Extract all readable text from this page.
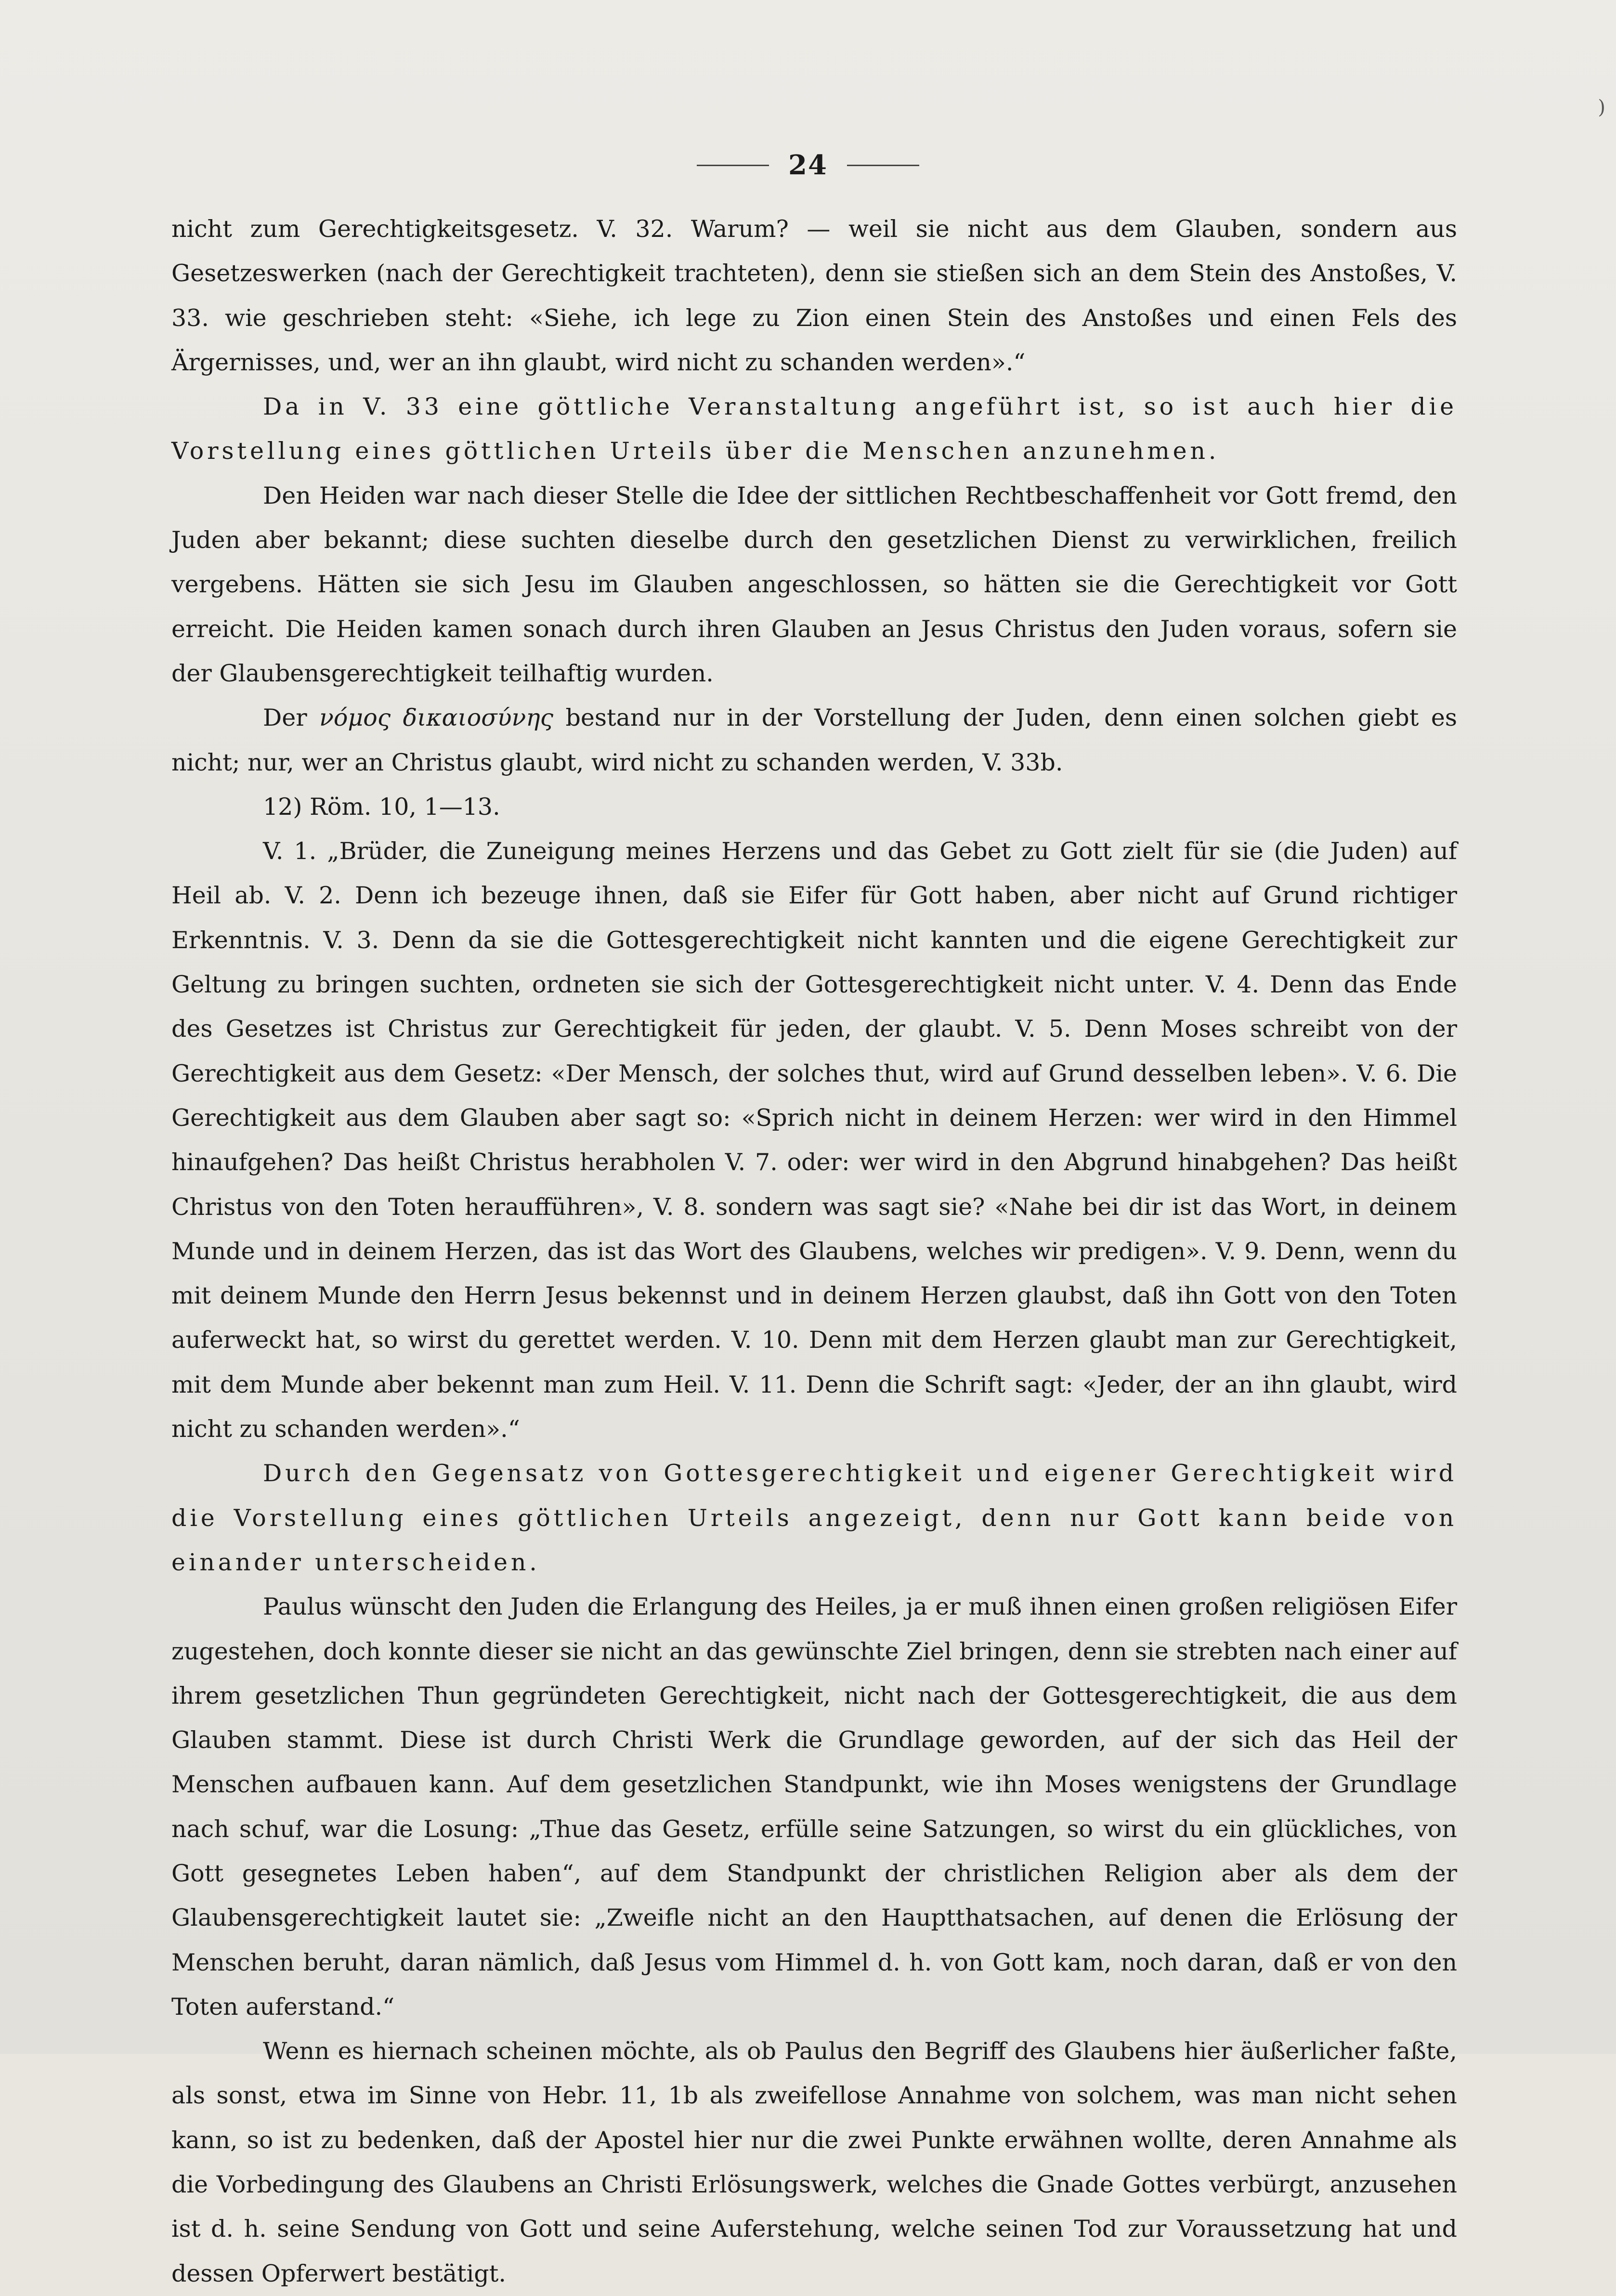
)
24

nicht zum Gerechtigkeitsgesetz. V. 32. Warum? — weil sie nicht aus dem Glauben, sondern aus Gesetzeswerken (nach der Gerechtigkeit trachteten), denn sie stießen sich an dem Stein des Anstoßes, V. 33. wie geschrieben steht: «Siehe, ich lege zu Zion einen Stein des Anstoßes und einen Fels des Ärgernisses, und, wer an ihn glaubt, wird nicht zu schanden werden».“

Da in V. 33 eine göttliche Veranstaltung angeführt ist, so ist auch hier die Vorstellung eines göttlichen Urteils über die Menschen anzunehmen.

Den Heiden war nach dieser Stelle die Idee der sittlichen Rechtbeschaffenheit vor Gott fremd, den Juden aber bekannt; diese suchten dieselbe durch den gesetzlichen Dienst zu verwirklichen, freilich vergebens. Hätten sie sich Jesu im Glauben angeschlossen, so hätten sie die Gerechtigkeit vor Gott erreicht. Die Heiden kamen sonach durch ihren Glauben an Jesus Christus den Juden voraus, sofern sie der Glaubensgerechtigkeit teilhaftig wurden.

Der νόμος δικαιοσύνης bestand nur in der Vorstellung der Juden, denn einen solchen giebt es nicht; nur, wer an Christus glaubt, wird nicht zu schanden werden, V. 33b.

12) Röm. 10, 1—13.

V. 1. „Brüder, die Zuneigung meines Herzens und das Gebet zu Gott zielt für sie (die Juden) auf Heil ab. V. 2. Denn ich bezeuge ihnen, daß sie Eifer für Gott haben, aber nicht auf Grund richtiger Erkenntnis. V. 3. Denn da sie die Gottesgerechtigkeit nicht kannten und die eigene Gerechtigkeit zur Geltung zu bringen suchten, ordneten sie sich der Gottesgerechtigkeit nicht unter. V. 4. Denn das Ende des Gesetzes ist Christus zur Gerechtigkeit für jeden, der glaubt. V. 5. Denn Moses schreibt von der Gerechtigkeit aus dem Gesetz: «Der Mensch, der solches thut, wird auf Grund desselben leben». V. 6. Die Gerechtigkeit aus dem Glauben aber sagt so: «Sprich nicht in deinem Herzen: wer wird in den Himmel hinaufgehen? Das heißt Christus herabholen V. 7. oder: wer wird in den Abgrund hinabgehen? Das heißt Christus von den Toten heraufführen», V. 8. sondern was sagt sie? «Nahe bei dir ist das Wort, in deinem Munde und in deinem Herzen, das ist das Wort des Glaubens, welches wir predigen». V. 9. Denn, wenn du mit deinem Munde den Herrn Jesus bekennst und in deinem Herzen glaubst, daß ihn Gott von den Toten auferweckt hat, so wirst du gerettet werden. V. 10. Denn mit dem Herzen glaubt man zur Gerechtigkeit, mit dem Munde aber bekennt man zum Heil. V. 11. Denn die Schrift sagt: «Jeder, der an ihn glaubt, wird nicht zu schanden werden».“

Durch den Gegensatz von Gottesgerechtigkeit und eigener Gerechtigkeit wird die Vorstellung eines göttlichen Urteils angezeigt, denn nur Gott kann beide von einander unterscheiden.

Paulus wünscht den Juden die Erlangung des Heiles, ja er muß ihnen einen großen religiösen Eifer zugestehen, doch konnte dieser sie nicht an das gewünschte Ziel bringen, denn sie strebten nach einer auf ihrem gesetzlichen Thun gegründeten Gerechtigkeit, nicht nach der Gottesgerechtigkeit, die aus dem Glauben stammt. Diese ist durch Christi Werk die Grundlage geworden, auf der sich das Heil der Menschen aufbauen kann. Auf dem gesetzlichen Standpunkt, wie ihn Moses wenigstens der Grundlage nach schuf, war die Losung: „Thue das Gesetz, erfülle seine Satzungen, so wirst du ein glückliches, von Gott gesegnetes Leben haben“, auf dem Standpunkt der christlichen Religion aber als dem der Glaubensgerechtigkeit lautet sie: „Zweifle nicht an den Hauptthatsachen, auf denen die Erlösung der Menschen beruht, daran nämlich, daß Jesus vom Himmel d. h. von Gott kam, noch daran, daß er von den Toten auferstand.“

Wenn es hiernach scheinen möchte, als ob Paulus den Begriff des Glaubens hier äußerlicher faßte, als sonst, etwa im Sinne von Hebr. 11, 1b als zweifellose Annahme von solchem, was man nicht sehen kann, so ist zu bedenken, daß der Apostel hier nur die zwei Punkte erwähnen wollte, deren Annahme als die Vorbedingung des Glaubens an Christi Erlösungswerk, welches die Gnade Gottes verbürgt, anzusehen ist d. h. seine Sendung von Gott und seine Auferstehung, welche seinen Tod zur Voraussetzung hat und dessen Opferwert bestätigt.
